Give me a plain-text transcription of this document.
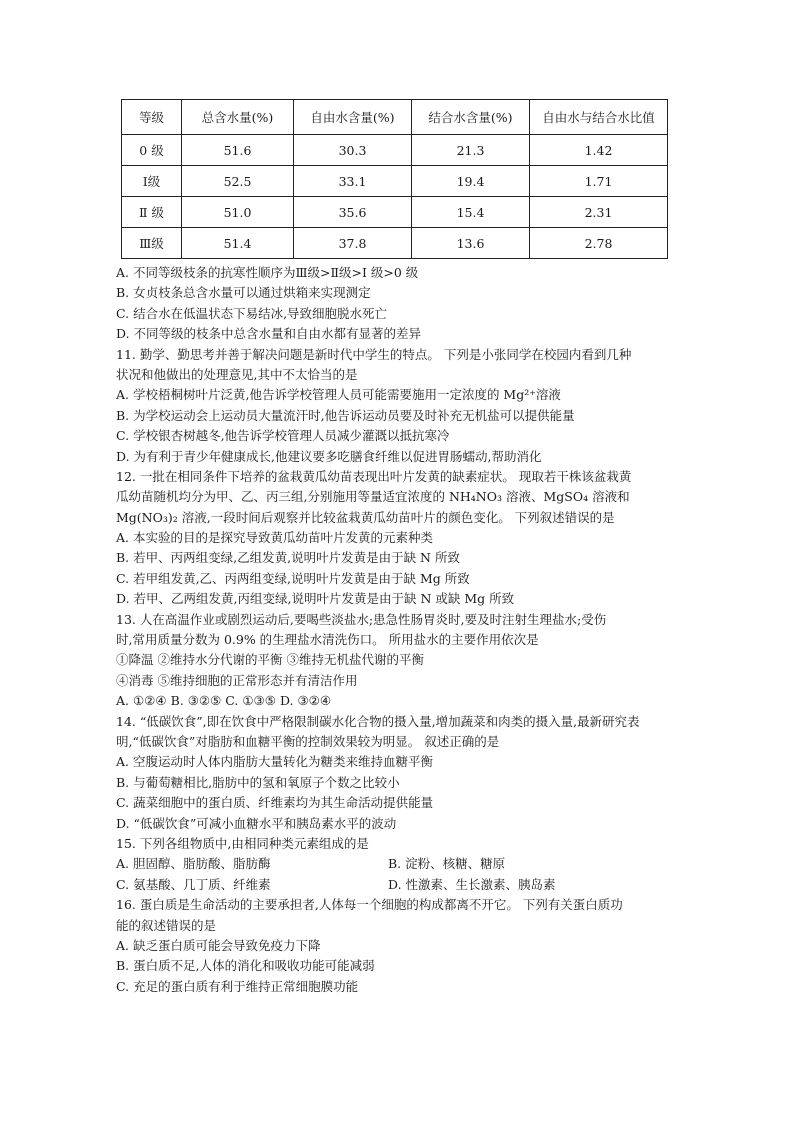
等级	总含水量(%)	自由水含量(%)	结合水含量(%)	自由水与结合水比值
0 级	51.6	30.3	21.3	1.42
Ⅰ级	52.5	33.1	19.4	1.71
Ⅱ 级	51.0	35.6	15.4	2.31
Ⅲ级	51.4	37.8	13.6	2.78
A. 不同等级枝条的抗寒性顺序为Ⅲ级>Ⅱ级>Ⅰ 级>0 级
B. 女贞枝条总含水量可以通过烘箱来实现测定
C. 结合水在低温状态下易结冰,导致细胞脱水死亡
D. 不同等级的枝条中总含水量和自由水都有显著的差异
11. 勤学、勤思考并善于解决问题是新时代中学生的特点。 下列是小张同学在校园内看到几种
状况和他做出的处理意见,其中不太恰当的是
A. 学校梧桐树叶片泛黄,他告诉学校管理人员可能需要施用一定浓度的 Mg²⁺溶液
B. 为学校运动会上运动员大量流汗时,他告诉运动员要及时补充无机盐可以提供能量
C. 学校银杏树越冬,他告诉学校管理人员减少灌溉以抵抗寒冷
D. 为有利于青少年健康成长,他建议要多吃膳食纤维以促进胃肠蠕动,帮助消化
12. 一批在相同条件下培养的盆栽黄瓜幼苗表现出叶片发黄的缺素症状。 现取若干株该盆栽黄
瓜幼苗随机均分为甲、乙、丙三组,分别施用等量适宜浓度的 NH₄NO₃ 溶液、MgSO₄ 溶液和
Mg(NO₃)₂ 溶液,一段时间后观察并比较盆栽黄瓜幼苗叶片的颜色变化。 下列叙述错误的是
A. 本实验的目的是探究导致黄瓜幼苗叶片发黄的元素种类
B. 若甲、丙两组变绿,乙组发黄,说明叶片发黄是由于缺 N 所致
C. 若甲组发黄,乙、丙两组变绿,说明叶片发黄是由于缺 Mg 所致
D. 若甲、乙两组发黄,丙组变绿,说明叶片发黄是由于缺 N 或缺 Mg 所致
13. 人在高温作业或剧烈运动后,要喝些淡盐水;患急性肠胃炎时,要及时注射生理盐水;受伤
时,常用质量分数为 0.9% 的生理盐水清洗伤口。 所用盐水的主要作用依次是
①降温 ②维持水分代谢的平衡 ③维持无机盐代谢的平衡
④消毒 ⑤维持细胞的正常形态并有清洁作用
A. ①②④ B. ③②⑤ C. ①③⑤ D. ③②④
14. “低碳饮食”,即在饮食中严格限制碳水化合物的摄入量,增加蔬菜和肉类的摄入量,最新研究表
明,“低碳饮食”对脂肪和血糖平衡的控制效果较为明显。 叙述正确的是
A. 空腹运动时人体内脂肪大量转化为糖类来维持血糖平衡
B. 与葡萄糖相比,脂肪中的氢和氧原子个数之比较小
C. 蔬菜细胞中的蛋白质、纤维素均为其生命活动提供能量
D. “低碳饮食”可减小血糖水平和胰岛素水平的波动
15. 下列各组物质中,由相同种类元素组成的是
A. 胆固醇、脂肪酸、脂肪酶	B. 淀粉、核糖、糖原
C. 氨基酸、几丁质、纤维素	D. 性激素、生长激素、胰岛素
16. 蛋白质是生命活动的主要承担者,人体每一个细胞的构成都离不开它。 下列有关蛋白质功
能的叙述错误的是
A. 缺乏蛋白质可能会导致免疫力下降
B. 蛋白质不足,人体的消化和吸收功能可能减弱
C. 充足的蛋白质有利于维持正常细胞膜功能
